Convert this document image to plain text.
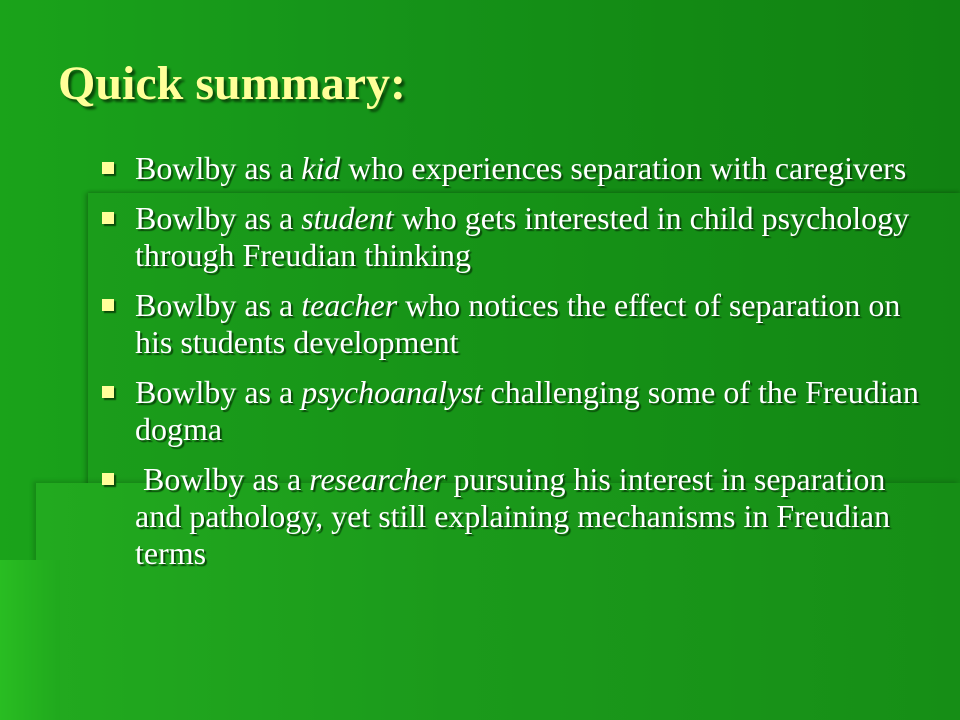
Quick summary:
Bowlby as a kid who experiences separation with caregivers
Bowlby as a student who gets interested in child psychology through Freudian thinking
Bowlby as a teacher who notices the effect of separation on his students development
Bowlby as a psychoanalyst challenging some of the Freudian dogma
Bowlby as a researcher pursuing his interest in separation and pathology, yet still explaining mechanisms in Freudian terms
